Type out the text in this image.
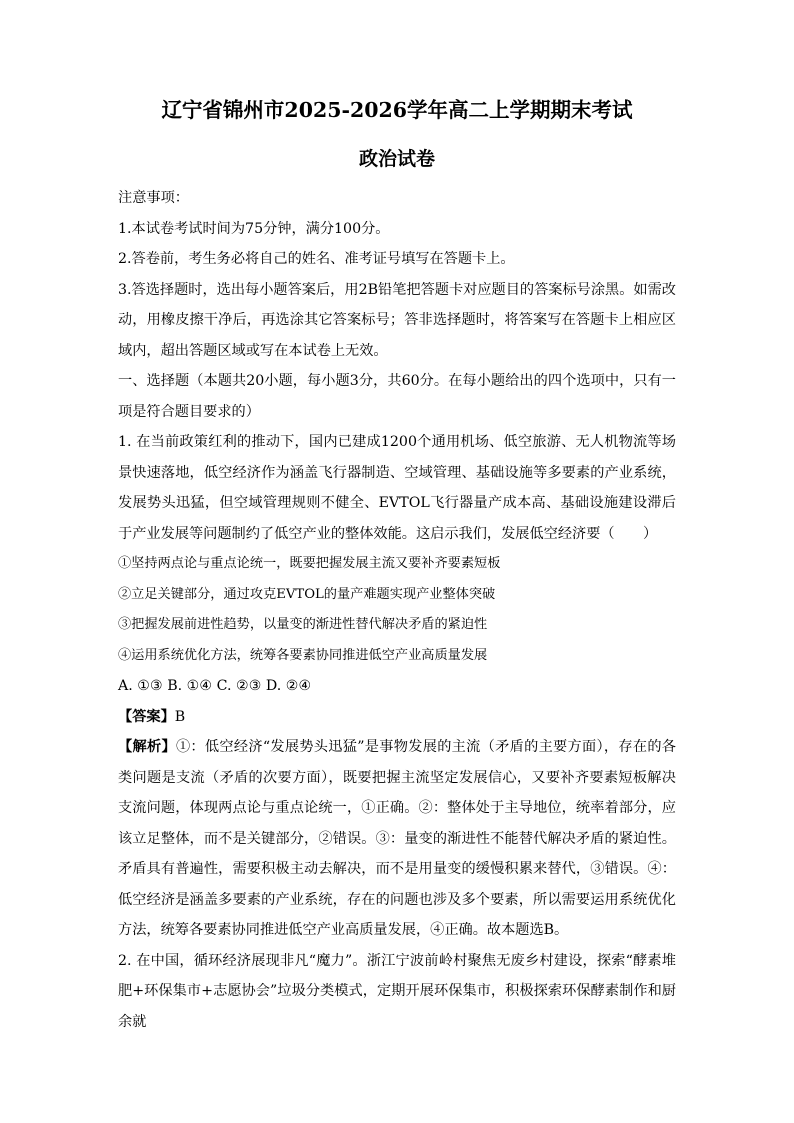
辽宁省锦州市2025-2026学年高二上学期期末考试
政治试卷

注意事项：

1.本试卷考试时间为75分钟，满分100分。

2.答卷前，考生务必将自己的姓名、准考证号填写在答题卡上。

3.答选择题时，选出每小题答案后，用2B铅笔把答题卡对应题目的答案标号涂黑。如需改动，用橡皮擦干净后，再选涂其它答案标号；答非选择题时，将答案写在答题卡上相应区域内，超出答题区域或写在本试卷上无效。

一、选择题（本题共20小题，每小题3分，共60分。在每小题给出的四个选项中，只有一项是符合题目要求的）

1. 在当前政策红利的推动下，国内已建成1200个通用机场、低空旅游、无人机物流等场景快速落地，低空经济作为涵盖飞行器制造、空域管理、基础设施等多要素的产业系统，发展势头迅猛，但空域管理规则不健全、EVTOL飞行器量产成本高、基础设施建设滞后于产业发展等问题制约了低空产业的整体效能。这启示我们，发展低空经济要（　　）

①坚持两点论与重点论统一，既要把握发展主流又要补齐要素短板

②立足关键部分，通过攻克EVTOL的量产难题实现产业整体突破

③把握发展前进性趋势，以量变的渐进性替代解决矛盾的紧迫性

④运用系统优化方法，统筹各要素协同推进低空产业高质量发展

A. ①③ B. ①④ C. ②③ D. ②④

【答案】B

【解析】①：低空经济“发展势头迅猛”是事物发展的主流（矛盾的主要方面），存在的各类问题是支流（矛盾的次要方面），既要把握主流坚定发展信心，又要补齐要素短板解决支流问题，体现两点论与重点论统一，①正确。②：整体处于主导地位，统率着部分，应该立足整体，而不是关键部分，②错误。③：量变的渐进性不能替代解决矛盾的紧迫性。矛盾具有普遍性，需要积极主动去解决，而不是用量变的缓慢积累来替代，③错误。④：低空经济是涵盖多要素的产业系统，存在的问题也涉及多个要素，所以需要运用系统优化方法，统筹各要素协同推进低空产业高质量发展，④正确。故本题选B。

2. 在中国，循环经济展现非凡“魔力”。浙江宁波前岭村聚焦无废乡村建设，探索“酵素堆肥+环保集市+志愿协会”垃圾分类模式，定期开展环保集市，积极探索环保酵素制作和厨余就
